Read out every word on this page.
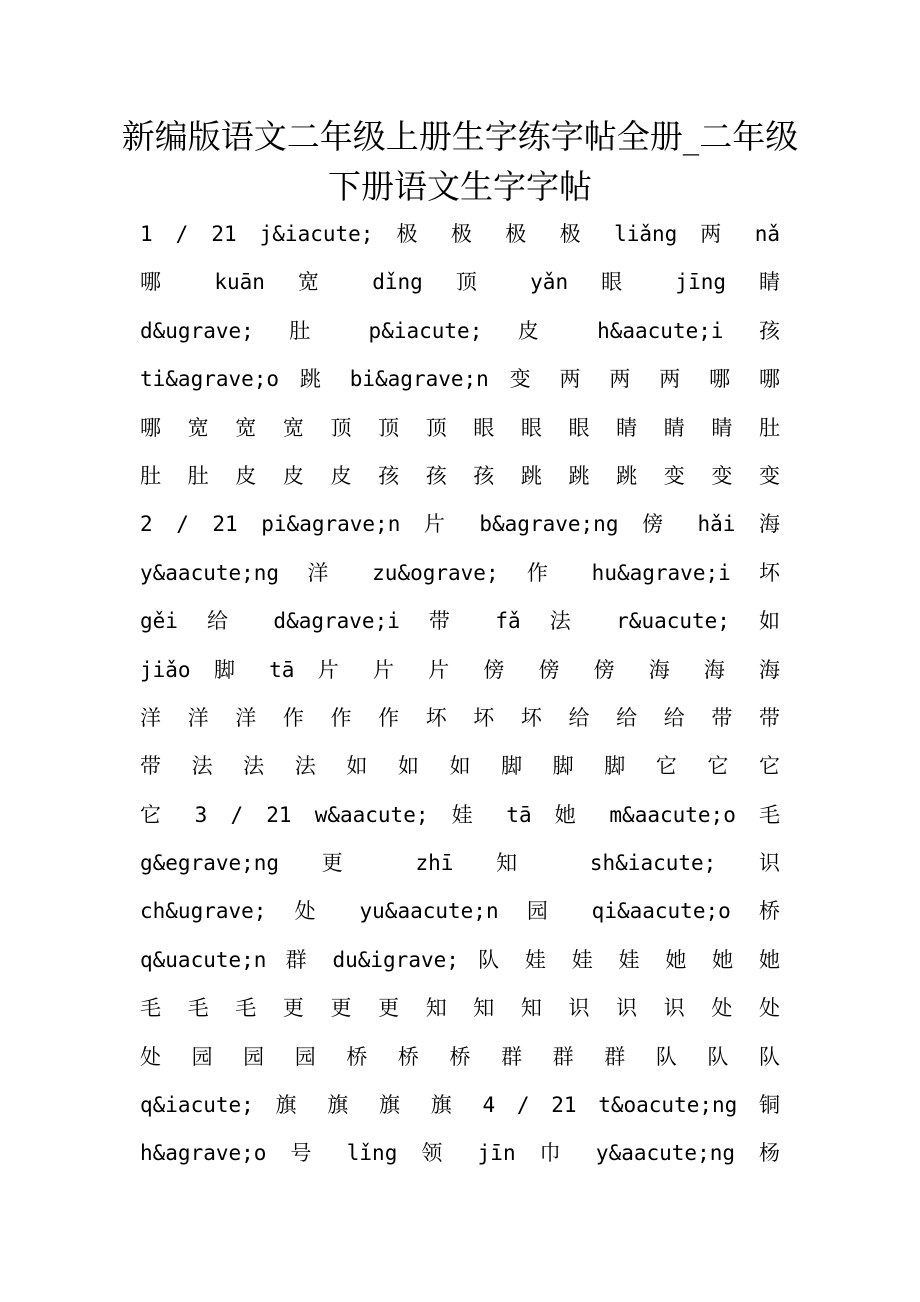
新编版语文二年级上册生字练字帖全册_二年级下册语文生字字帖
1 / 21 j&iacute; 极 极 极 极 liǎng 两 nǎ
哪 kuān 宽 dǐng 顶 yǎn 眼 jīng 睛
d&ugrave; 肚 p&iacute; 皮 h&aacute;i 孩
ti&agrave;o 跳 bi&agrave;n 变 两 两 两 哪 哪
哪 宽 宽 宽 顶 顶 顶 眼 眼 眼 睛 睛 睛 肚
肚 肚 皮 皮 皮 孩 孩 孩 跳 跳 跳 变 变 变
2 / 21 pi&agrave;n 片 b&agrave;ng 傍 hǎi 海
y&aacute;ng 洋 zu&ograve; 作 hu&agrave;i 坏
gěi 给 d&agrave;i 带 fǎ 法 r&uacute; 如
jiǎo 脚 tā 片 片 片 傍 傍 傍 海 海 海
洋 洋 洋 作 作 作 坏 坏 坏 给 给 给 带 带
带 法 法 法 如 如 如 脚 脚 脚 它 它 它
它 3 / 21 w&aacute; 娃 tā 她 m&aacute;o 毛
g&egrave;ng 更 zhī 知 sh&iacute; 识
ch&ugrave; 处 yu&aacute;n 园 qi&aacute;o 桥
q&uacute;n 群 du&igrave; 队 娃 娃 娃 她 她 她
毛 毛 毛 更 更 更 知 知 知 识 识 识 处 处
处 园 园 园 桥 桥 桥 群 群 群 队 队 队
q&iacute; 旗 旗 旗 旗 4 / 21 t&oacute;ng 铜
h&agrave;o 号 lǐng 领 jīn 巾 y&aacute;ng 杨
